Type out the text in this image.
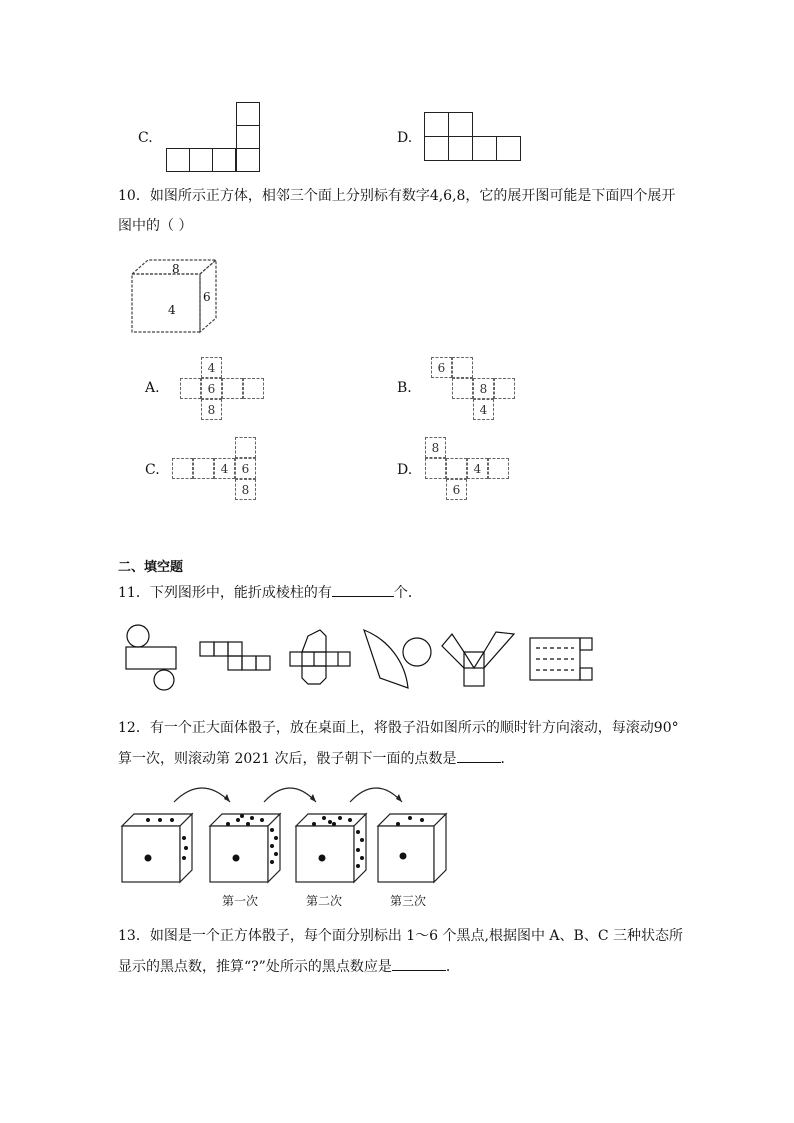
C.	D.
10．如图所示正方体，相邻三个面上分别标有数字4,6,8，它的展开图可能是下面四个展开
图中的（ ）
8
4
6
A.
4
6
8
B.
6
8
4
C.	4	6
8
D.
8
4
6
二、填空题
11．下列图形中，能折成棱柱的有	个．
12．有一个正大面体骰子，放在桌面上，将骰子沿如图所示的顺时针方向滚动，每滚动90°
算一次，则滚动第 2021 次后，骰子朝下一面的点数是	．
第一次	第二次	第三次
13．如图是一个正方体骰子，每个面分别标出 1～6 个黑点,根据图中 A、B、C 三种状态所
显示的黑点数，推算“?”处所示的黑点数应是	．
